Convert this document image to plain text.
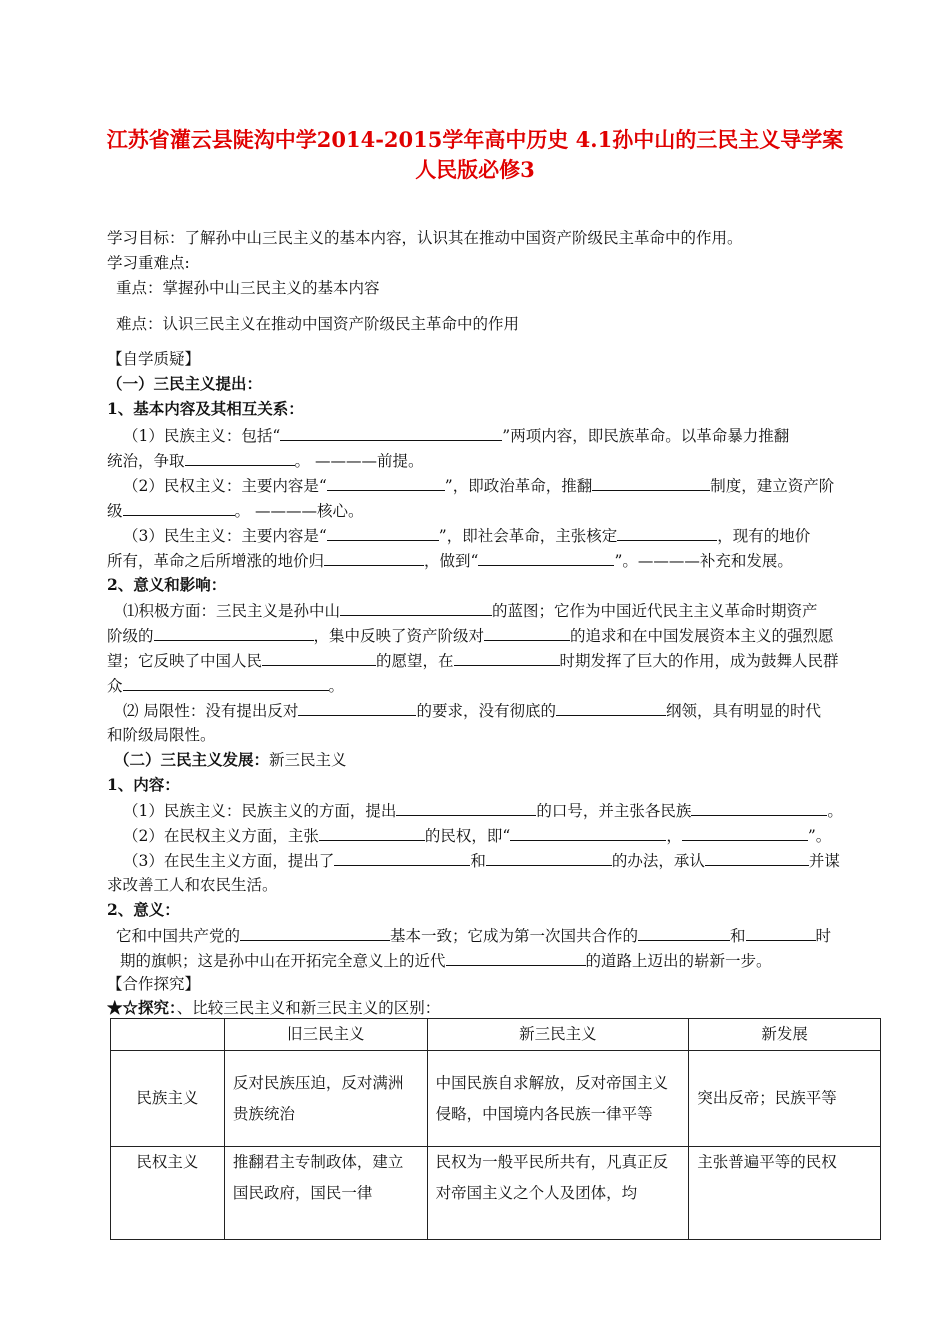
江苏省灌云县陡沟中学2014-2015学年高中历史 4.1孙中山的三民主义导学案
人民版必修3
学习目标：了解孙中山三民主义的基本内容，认识其在推动中国资产阶级民主革命中的作用。
学习重难点:
重点：掌握孙中山三民主义的基本内容
难点：认识三民主义在推动中国资产阶级民主革命中的作用
【自学质疑】
（一）三民主义提出：
1、基本内容及其相互关系：
（1）民族主义：包括“	”两项内容，即民族革命。以革命暴力推翻
统治，争取	。 ————前提。
（2）民权主义：主要内容是“	”，即政治革命，推翻	制度，建立资产阶
级	。 ————核心。
（3）民生主义：主要内容是“	”，即社会革命，主张核定	，现有的地价
所有，革命之后所增涨的地价归	，做到“	”。————补充和发展。
2、意义和影响：
⑴积极方面：三民主义是孙中山	的蓝图；它作为中国近代民主主义革命时期资产
阶级的	，集中反映了资产阶级对	的追求和在中国发展资本主义的强烈愿
望；它反映了中国人民	的愿望，在	时期发挥了巨大的作用，成为鼓舞人民群
众	。
⑵ 局限性：没有提出反对	的要求，没有彻底的	纲领，具有明显的时代
和阶级局限性。
（二）三民主义发展：新三民主义
1、内容：
（1）民族主义：民族主义的方面，提出	的口号，并主张各民族	。
（2）在民权主义方面，主张	的民权，即“	，	”。
（3）在民生主义方面，提出了	和	的办法，承认	并谋
求改善工人和农民生活。
2、意义：
它和中国共产党的	基本一致；它成为第一次国共合作的	和	时
期的旗帜；这是孙中山在开拓完全意义上的近代	的道路上迈出的崭新一步。
【合作探究】
★☆探究：、比较三民主义和新三民主义的区别：
	旧三民主义	新三民主义	新发展
民族主义	反对民族压迫，反对满洲贵族统治	中国民族自求解放，反对帝国主义侵略，中国境内各民族一律平等	突出反帝；民族平等

民权主义	推翻君主专制政体，建立国民政府，国民一律	民权为一般平民所共有，凡真正反对帝国主义之个人及团体，均	主张普遍平等的民权
